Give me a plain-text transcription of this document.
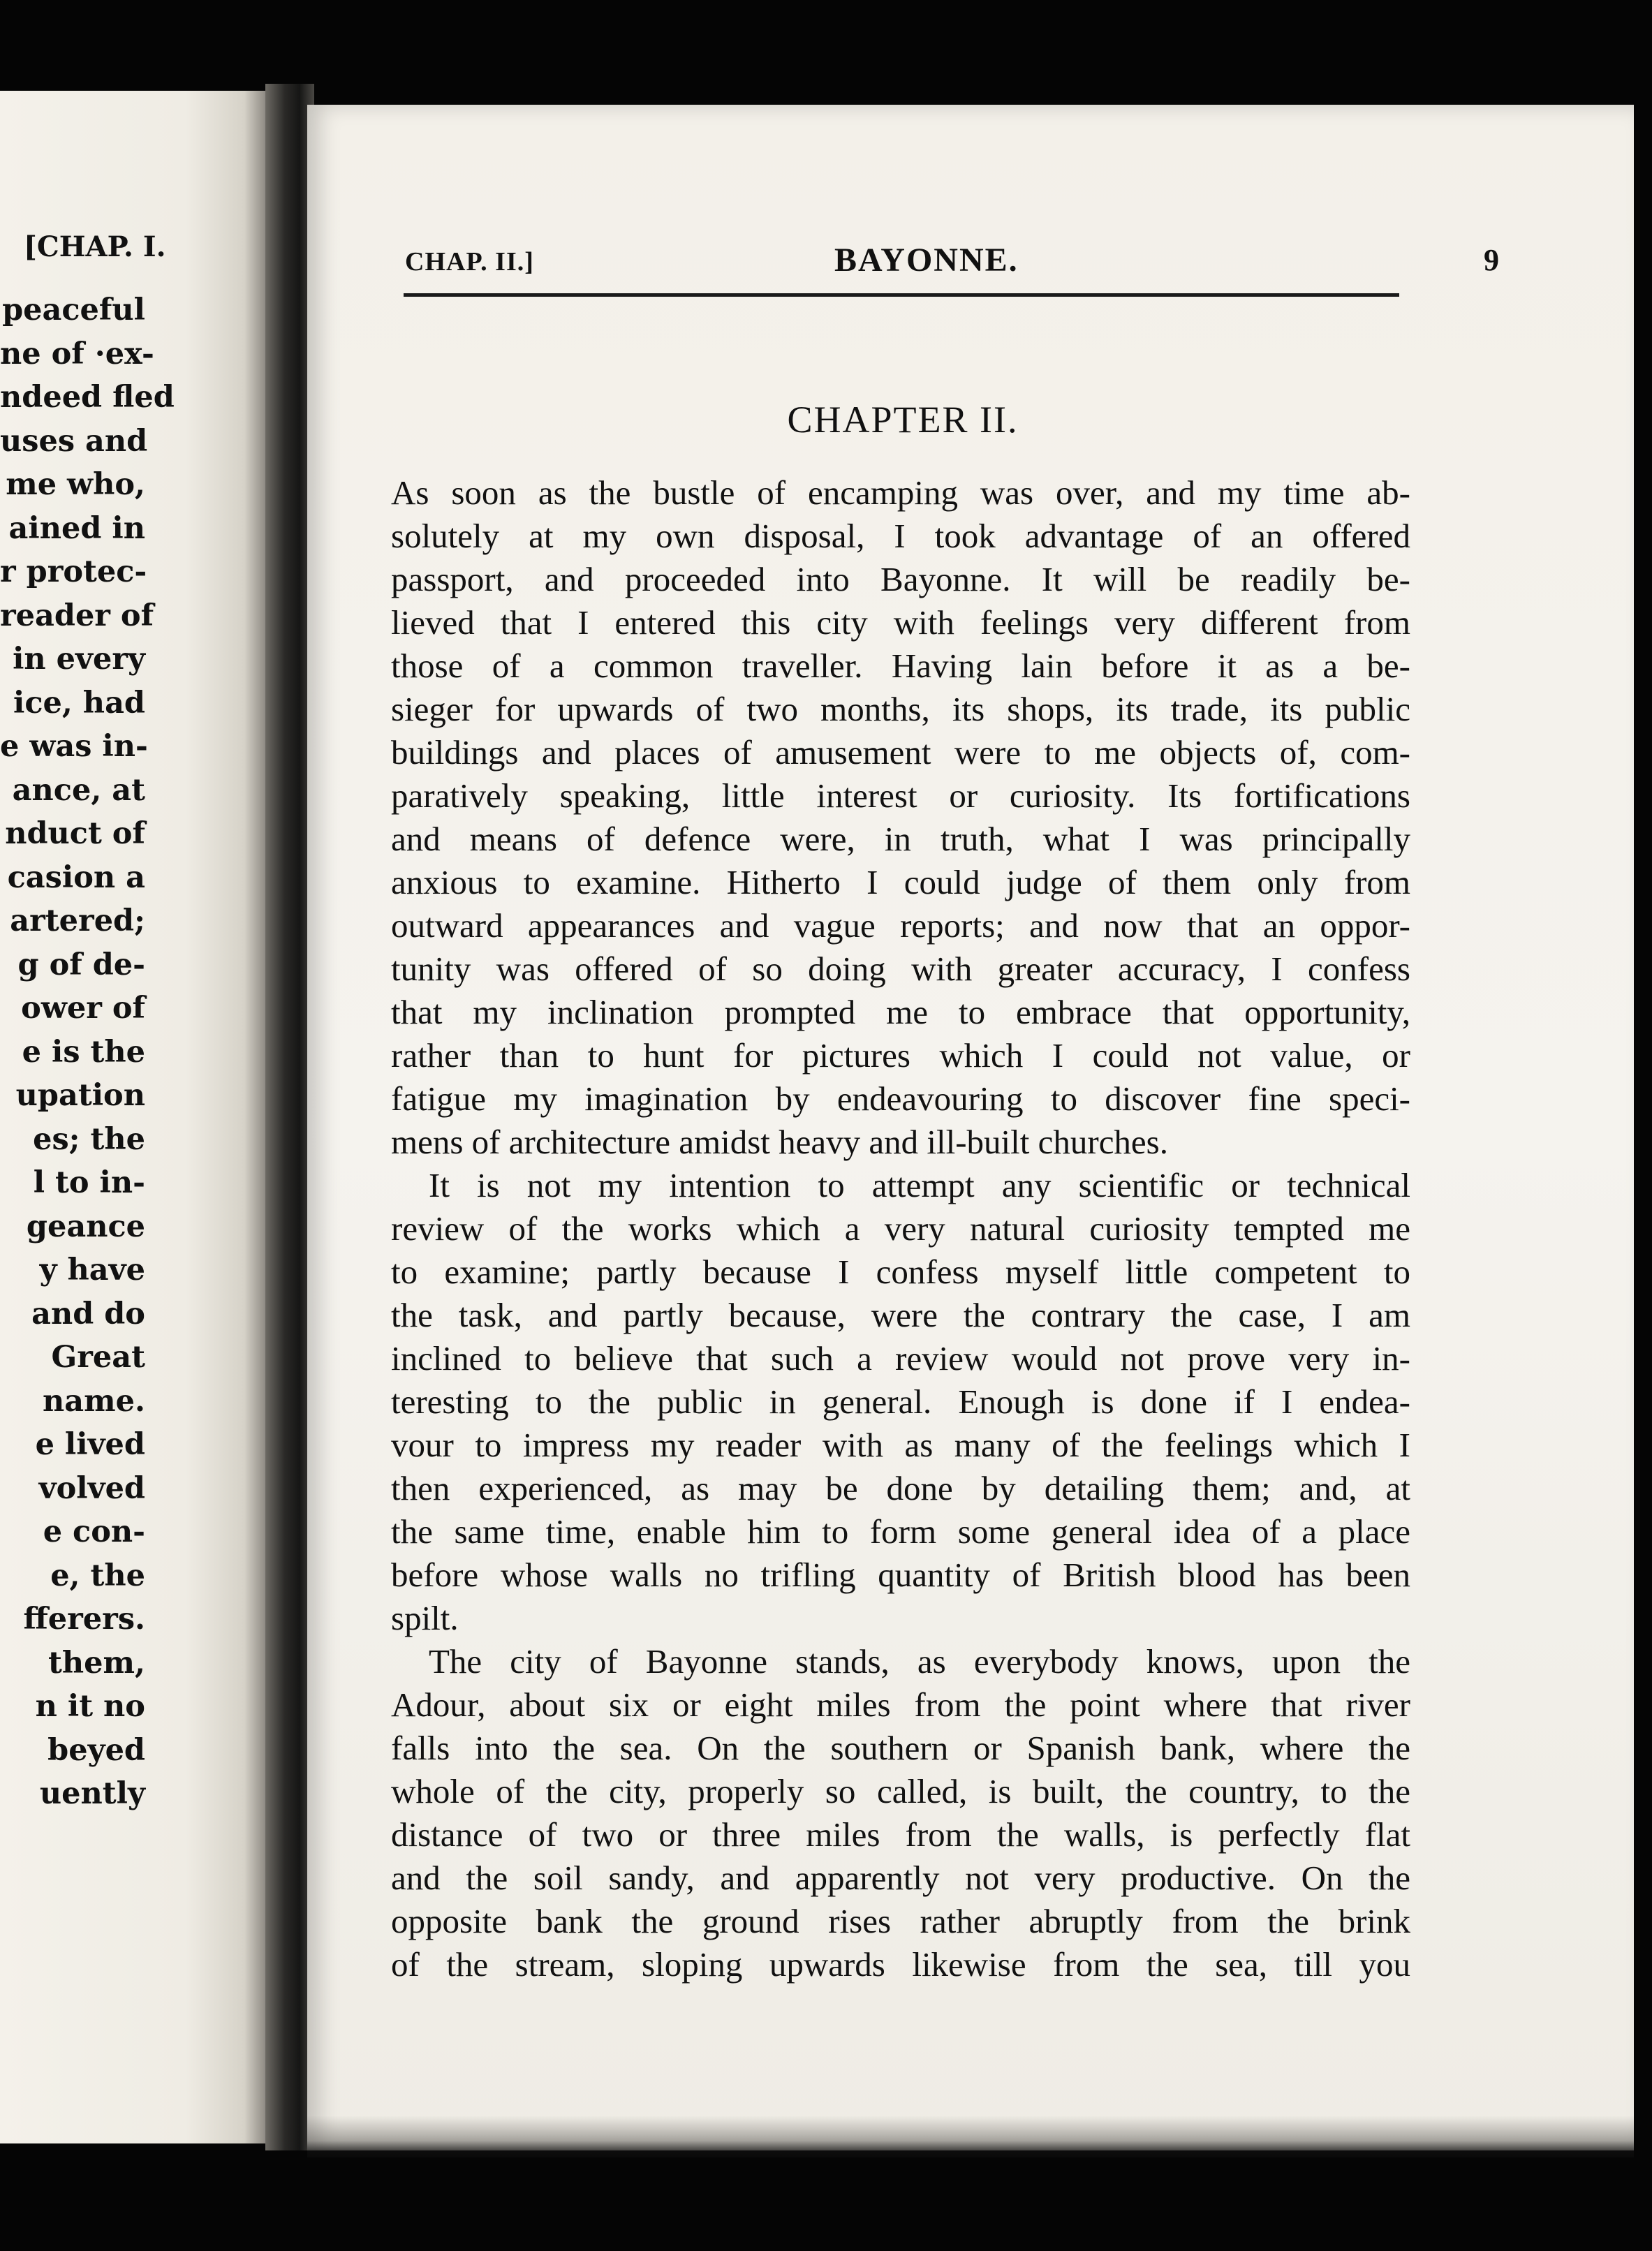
[CHAP. I.
peaceful
ne of ·ex-
ndeed fled
uses and
me who,
ained in
r protec-
reader of
in every
ice, had
e was in-
ance, at
nduct of
casion a
artered;
g of de-
ower of
e is the
upation
es; the
l to in-
geance
y have
and do
Great
name.
e lived
volved
e con-
e, the
fferers.
them,
n it no
beyed
uently
CHAP. II.]	BAYONNE.	9
CHAPTER II.
As soon as the bustle of encamping was over, and my time ab-
solutely at my own disposal, I took advantage of an offered
passport, and proceeded into Bayonne. It will be readily be-
lieved that I entered this city with feelings very different from
those of a common traveller. Having lain before it as a be-
sieger for upwards of two months, its shops, its trade, its public
buildings and places of amusement were to me objects of, com-
paratively speaking, little interest or curiosity. Its fortifications
and means of defence were, in truth, what I was principally
anxious to examine. Hitherto I could judge of them only from
outward appearances and vague reports; and now that an oppor-
tunity was offered of so doing with greater accuracy, I confess
that my inclination prompted me to embrace that opportunity,
rather than to hunt for pictures which I could not value, or
fatigue my imagination by endeavouring to discover fine speci-
mens of architecture amidst heavy and ill-built churches.
It is not my intention to attempt any scientific or technical
review of the works which a very natural curiosity tempted me
to examine; partly because I confess myself little competent to
the task, and partly because, were the contrary the case, I am
inclined to believe that such a review would not prove very in-
teresting to the public in general. Enough is done if I endea-
vour to impress my reader with as many of the feelings which I
then experienced, as may be done by detailing them; and, at
the same time, enable him to form some general idea of a place
before whose walls no trifling quantity of British blood has been
spilt.
The city of Bayonne stands, as everybody knows, upon the
Adour, about six or eight miles from the point where that river
falls into the sea. On the southern or Spanish bank, where the
whole of the city, properly so called, is built, the country, to the
distance of two or three miles from the walls, is perfectly flat
and the soil sandy, and apparently not very productive. On the
opposite bank the ground rises rather abruptly from the brink
of the stream, sloping upwards likewise from the sea, till you
